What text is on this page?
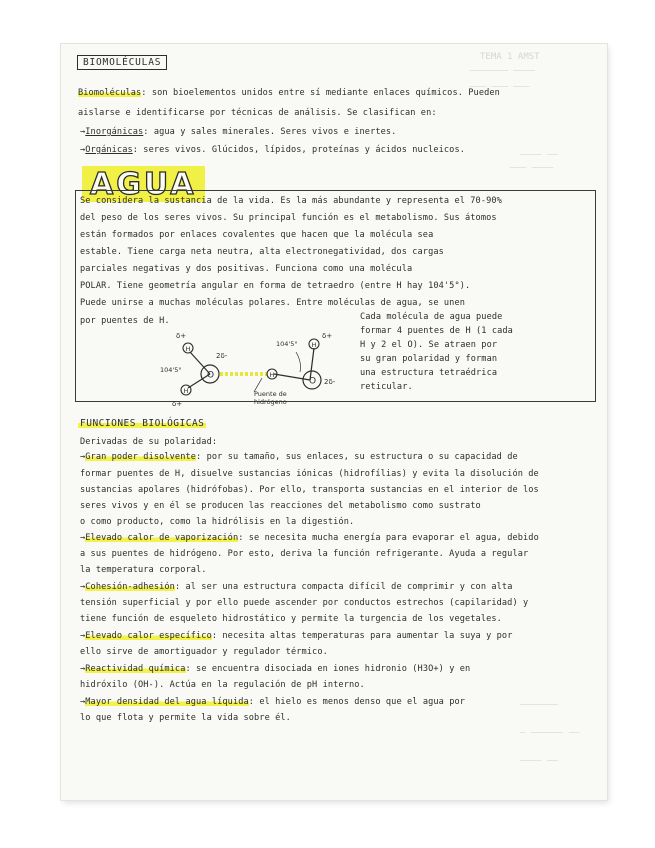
TEMA 1 AMST
——————— ————
——— ——— ———
———— ——
——— ————
———————
— —————— ——
———— ——
BIOMOLÉCULAS
Biomoléculas: son bioelementos unidos entre sí mediante enlaces químicos. Pueden
aislarse e identificarse por técnicas de análisis. Se clasifican en:
→Inorgánicas: agua y sales minerales. Seres vivos e inertes.
→Orgánicas: seres vivos. Glúcidos, lípidos, proteínas y ácidos nucleicos.
AGUA
Se considera la sustancia de la vida. Es la más abundante y representa el 70-90%
del peso de los seres vivos. Su principal función es el metabolismo. Sus átomos
están formados por enlaces covalentes que hacen que la molécula sea
estable. Tiene carga neta neutra, alta electronegatividad, dos cargas
parciales negativas y dos positivas. Funciona como una molécula
POLAR. Tiene geometría angular en forma de tetraedro (entre H hay 104'5°).
Puede unirse a muchas moléculas polares. Entre moléculas de agua, se unen
por puentes de H.	Cada molécula de agua puede
formar 4 puentes de H (1 cada
H y 2 el O). Se atraen por
su gran polaridad y forman
una estructura tetraédrica
reticular.
O
H
H
δ+
δ+
2δ-
104'5°
Puente de
hidrógeno
H
O
H
δ+
2δ-
104'5°
FUNCIONES BIOLÓGICAS
Derivadas de su polaridad:
→Gran poder disolvente: por su tamaño, sus enlaces, su estructura o su capacidad de
formar puentes de H, disuelve sustancias iónicas (hidrofílias) y evita la disolución de
sustancias apolares (hidrófobas). Por ello, transporta sustancias en el interior de los
seres vivos y en él se producen las reacciones del metabolismo como sustrato
o como producto, como la hidrólisis en la digestión.
→Elevado calor de vaporización: se necesita mucha energía para evaporar el agua, debido
a sus puentes de hidrógeno. Por esto, deriva la función refrigerante. Ayuda a regular
la temperatura corporal.
→Cohesión-adhesión: al ser una estructura compacta difícil de comprimir y con alta
tensión superficial y por ello puede ascender por conductos estrechos (capilaridad) y
tiene función de esqueleto hidrostático y permite la turgencia de los vegetales.
→Elevado calor específico: necesita altas temperaturas para aumentar la suya y por
ello sirve de amortiguador y regulador térmico.
→Reactividad química: se encuentra disociada en iones hidronio (H3O+) y en
hidróxilo (OH-). Actúa en la regulación de pH interno.
→Mayor densidad del agua líquida: el hielo es menos denso que el agua por
lo que flota y permite la vida sobre él.
